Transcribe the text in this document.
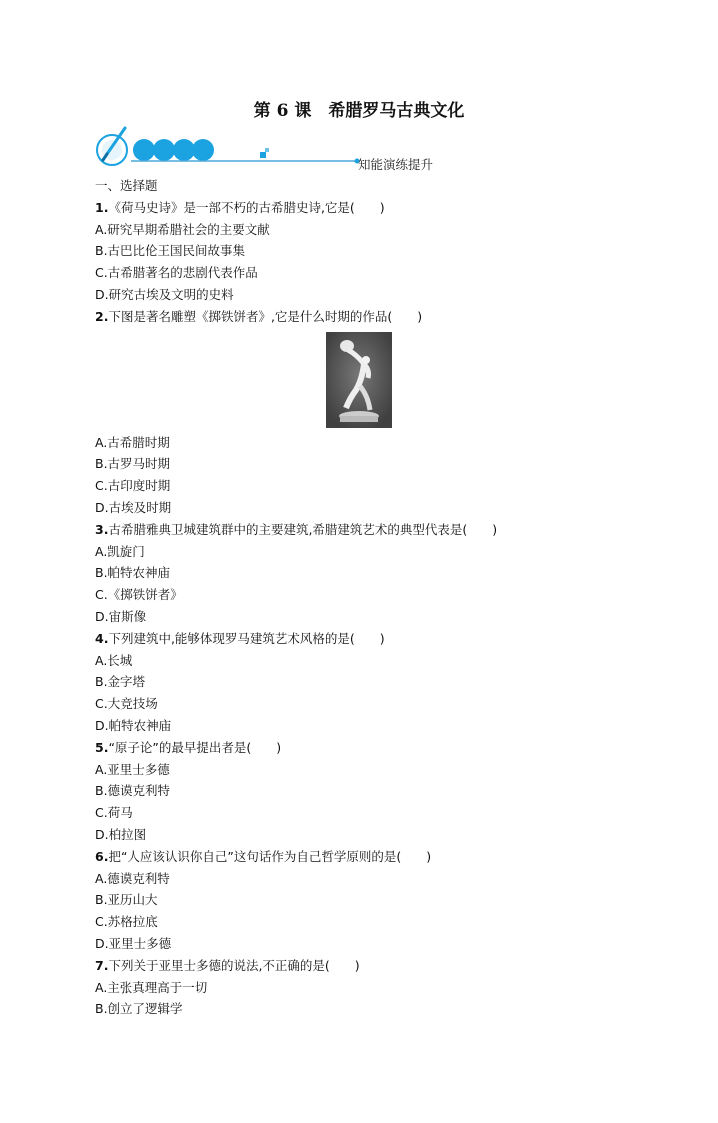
第 6 课　希腊罗马古典文化
知能演练提升
一、选择题
1.《荷马史诗》是一部不朽的古希腊史诗,它是(　　)
A.研究早期希腊社会的主要文献
B.古巴比伦王国民间故事集
C.古希腊著名的悲剧代表作品
D.研究古埃及文明的史料
2.下图是著名雕塑《掷铁饼者》,它是什么时期的作品(　　)
A.古希腊时期
B.古罗马时期
C.古印度时期
D.古埃及时期
3.古希腊雅典卫城建筑群中的主要建筑,希腊建筑艺术的典型代表是(　　)
A.凯旋门
B.帕特农神庙
C.《掷铁饼者》
D.宙斯像
4.下列建筑中,能够体现罗马建筑艺术风格的是(　　)
A.长城
B.金字塔
C.大竞技场
D.帕特农神庙
5.“原子论”的最早提出者是(　　)
A.亚里士多德
B.德谟克利特
C.荷马
D.柏拉图
6.把“人应该认识你自己”这句话作为自己哲学原则的是(　　)
A.德谟克利特
B.亚历山大
C.苏格拉底
D.亚里士多德
7.下列关于亚里士多德的说法,不正确的是(　　)
A.主张真理高于一切
B.创立了逻辑学
